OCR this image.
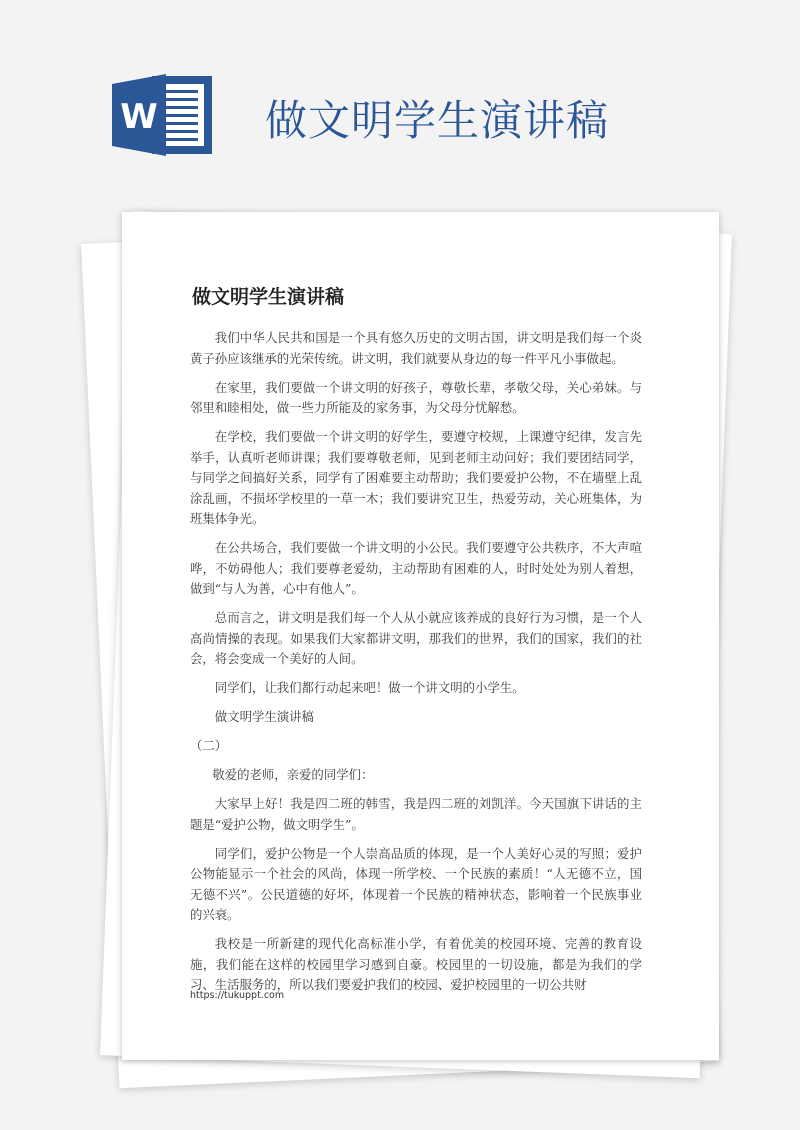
W	做文明学生演讲稿
做文明学生演讲稿

我们中华人民共和国是一个具有悠久历史的文明古国，讲文明是我们每一个炎黄子孙应该继承的光荣传统。讲文明，我们就要从身边的每一件平凡小事做起。

在家里，我们要做一个讲文明的好孩子，尊敬长辈，孝敬父母，关心弟妹。与邻里和睦相处，做一些力所能及的家务事，为父母分忧解愁。

在学校，我们要做一个讲文明的好学生，要遵守校规，上课遵守纪律，发言先举手，认真听老师讲课；我们要尊敬老师，见到老师主动问好；我们要团结同学，与同学之间搞好关系，同学有了困难要主动帮助；我们要爱护公物，不在墙壁上乱涂乱画，不损坏学校里的一草一木；我们要讲究卫生，热爱劳动，关心班集体，为班集体争光。

在公共场合，我们要做一个讲文明的小公民。我们要遵守公共秩序，不大声喧哗，不妨碍他人；我们要尊老爱幼，主动帮助有困难的人，时时处处为别人着想，做到“与人为善，心中有他人”。

总而言之，讲文明是我们每一个人从小就应该养成的良好行为习惯，是一个人高尚情操的表现。如果我们大家都讲文明，那我们的世界，我们的国家，我们的社会，将会变成一个美好的人间。

同学们，让我们都行动起来吧！做一个讲文明的小学生。

做文明学生演讲稿

（二）

敬爱的老师，亲爱的同学们：

大家早上好！我是四二班的韩雪，我是四二班的刘凯洋。今天国旗下讲话的主题是“爱护公物，做文明学生”。

同学们，爱护公物是一个人崇高品质的体现，是一个人美好心灵的写照；爱护公物能显示一个社会的风尚，体现一所学校、一个民族的素质！“人无德不立，国无德不兴”。公民道德的好坏，体现着一个民族的精神状态，影响着一个民族事业的兴衰。

我校是一所新建的现代化高标准小学，有着优美的校园环境、完善的教育设施，我们能在这样的校园里学习感到自豪。校园里的一切设施，都是为我们的学习、生活服务的，所以我们要爱护我们的校园、爱护校园里的一切公共财

https://tukuppt.com
